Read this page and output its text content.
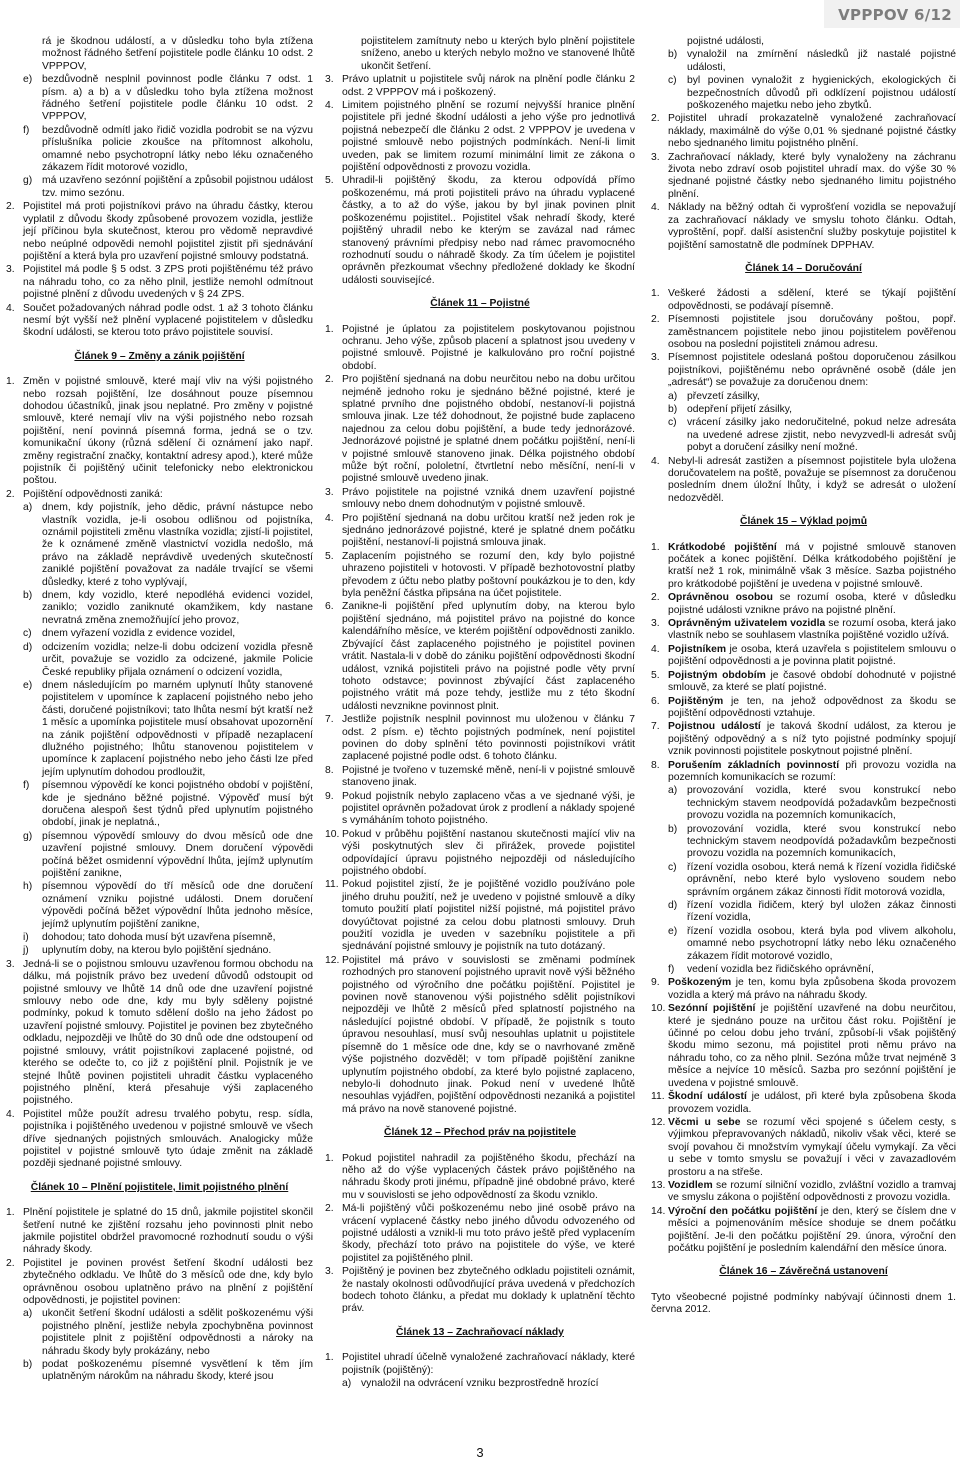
VPPPOV 6/12
rá je škodnou událostí, a v důsledku toho byla ztížena možnost řádného šetření pojistitele podle článku 10 odst. 2 VPPPOV,
e) bezdůvodně nesplnil povinnost podle článku 7 odst. 1 písm. a) a b) a v důsledku toho byla ztížena možnost řádného šetření pojistitele podle článku 10 odst. 2 VPPPOV,
f) bezdůvodně odmítl jako řidič vozidla podrobit se na výzvu příslušníka policie zkoušce na přítomnost alkoholu, omamné nebo psychotropní látky nebo léku označeného zákazem řídit motorové vozidlo,
g) má uzavřeno sezónní pojištění a způsobil pojistnou událost tzv. mimo sezónu.
2. Pojistitel má proti pojistníkovi právo na úhradu částky, kterou vyplatil z důvodu škody způsobené provozem vozidla, jestliže její příčinou byla skutečnost, kterou pro vědomě nepravdivé nebo neúplné odpovědi nemohl pojistitel zjistit při sjednávání pojištění a která byla pro uzavření pojistné smlouvy podstatná.
3. Pojistitel má podle § 5 odst. 3 ZPS proti pojištěnému též právo na náhradu toho, co za něho plnil, jestliže nemohl odmítnout pojistné plnění z důvodu uvedených v § 24 ZPS.
4. Součet požadovaných náhrad podle odst. 1 až 3 tohoto článku nesmí být vyšší než plnění vyplacené pojistitelem v důsledku škodní události, se kterou toto právo pojistitele souvisí.
Článek 9 – Změny a zánik pojištění
1. Změn v pojistné smlouvě, které mají vliv na výši pojistného nebo rozsah pojištění, lze dosáhnout pouze písemnou dohodou účastníků, jinak jsou neplatné. Pro změny v pojistné smlouvě, které nemají vliv na výši pojistného nebo rozsah pojištění, není povinná písemná forma, jedná se o tzv. komunikační úkony (různá sdělení či oznámení jako např. změny registrační značky, kontaktní adresy apod.), které může pojistník či pojištěný učinit telefonicky nebo elektronickou poštou.
2. Pojištění odpovědnosti zaniká:
a) dnem, kdy pojistník, jeho dědic, právní nástupce nebo vlastník vozidla, je-li osobou odlišnou od pojistníka, oznámil pojistiteli změnu vlastníka vozidla; zjistí-li pojistitel, že k oznámené změně vlastnictví vozidla nedošlo, má právo na základě neprávdivě uvedených skutečností zaniklé pojištění považovat za nadále trvající se všemi důsledky, které z toho vyplývají,
b) dnem, kdy vozidlo, které nepodléhá evidenci vozidel, zaniklo; vozidlo zaniknuté okamžikem, kdy nastane nevratná změna znemožňující jeho provoz,
c) dnem vyřazení vozidla z evidence vozidel,
d) odcizením vozidla; nelze-li dobu odcizení vozidla přesně určit, považuje se vozidlo za odcizené, jakmile Policie České republiky přijala oznámení o odcizení vozidla,
e) dnem následujícím po marném uplynutí lhůty stanovené pojistitelem v upomínce k zaplacení pojistného nebo jeho části, doručené pojistníkovi; tato lhůta nesmí být kratší než 1 měsíc a upomínka pojistitele musí obsahovat upozornění na zánik pojištění odpovědnosti v případě nezaplacení dlužného pojistného; lhůtu stanovenou pojistitelem v upomínce k zaplacení pojistného nebo jeho části lze před jejím uplynutím dohodou prodloužit,
f) písemnou výpovědí ke konci pojistného období v pojištění, kde je sjednáno běžné pojistné. Výpověď musí být doručena alespoň šest týdnů před uplynutím pojistného období, jinak je neplatná.,
g) písemnou výpovědí smlouvy do dvou měsíců ode dne uzavření pojistné smlouvy. Dnem doručení výpovědi počíná běžet osmidenní výpovědní lhůta, jejímž uplynutím pojištění zanikne,
h) písemnou výpovědí do tří měsíců ode dne doručení oznámení vzniku pojistné události. Dnem doručení výpovědi počíná běžet výpovědní lhůta jednoho měsíce, jejímž uplynutím pojištění zanikne,
i) dohodou; tato dohoda musí být uzavřena písemně,
j) uplynutím doby, na kterou bylo pojištění sjednáno.
3. Jedná-li se o pojistnou smlouvu uzavřenou formou obchodu na dálku, má pojistník právo bez uvedení důvodů odstoupit od pojistné smlouvy ve lhůtě 14 dnů ode dne uzavření pojistné smlouvy nebo ode dne, kdy mu byly sděleny pojistné podmínky, pokud k tomuto sdělení došlo na jeho žádost po uzavření pojistné smlouvy. Pojistitel je povinen bez zbytečného odkladu, nejpozději ve lhůtě do 30 dnů ode dne odstoupení od pojistné smlouvy, vrátit pojistníkovi zaplacené pojistné, od kterého se odečte to, co již z pojištění plnil. Pojistník je ve stejné lhůtě povinen pojistiteli uhradit částku vyplaceného pojistného plnění, která přesahuje výši zaplaceného pojistného.
4. Pojistitel může použít adresu trvalého pobytu, resp. sídla, pojistníka i pojištěného uvedenou v pojistné smlouvě ve všech dříve sjednaných pojistných smlouvách. Analogicky může pojistitel v pojistné smlouvě tyto údaje změnit na základě později sjednané pojistné smlouvy.
Článek 10 – Plnění pojistitele, limit pojistného plnění
1. Plnění pojistitele je splatné do 15 dnů, jakmile pojistitel skončil šetření nutné ke zjištění rozsahu jeho povinnosti plnit nebo jakmile pojistitel obdržel pravomocné rozhodnutí soudu o výši náhrady škody.
2. Pojistitel je povinen provést šetření škodní události bez zbytečného odkladu. Ve lhůtě do 3 měsíců ode dne, kdy bylo oprávněnou osobou uplatněno právo na plnění z pojištění odpovědnosti, je pojistitel povinen:
a) ukončit šetření škodní události a sdělit poškozenému výši pojistného plnění, jestliže nebyla zpochybněna povinnost pojistitele plnit z pojištění odpovědnosti a nároky na náhradu škody byly prokázány, nebo
b) podat poškozenému písemné vysvětlení k těm jím uplatněným nárokům na náhradu škody, které jsou
pojistitelem zamítnuty nebo u kterých bylo plnění pojistitele sníženo, anebo u kterých nebylo možno ve stanovené lhůtě ukončit šetření.
3. Právo uplatnit u pojistitele svůj nárok na plnění podle článku 2 odst. 2 VPPPOV má i poškozený.
4. Limitem pojistného plnění se rozumí nejvyšší hranice plnění pojistitele při jedné škodní události a jeho výše pro jednotlivá pojistná nebezpečí dle článku 2 odst. 2 VPPPOV je uvedena v pojistné smlouvě nebo pojistných podmínkách. Není-li limit uveden, pak se limitem rozumí minimální limit ze zákona o pojištění odpovědnosti z provozu vozidla.
5. Uhradil-li pojištěný škodu, za kterou odpovídá přímo poškozenému, má proti pojistiteli právo na úhradu vyplacené částky, a to až do výše, jakou by byl jinak povinen plnit poškozenému pojistitel.. Pojistitel však nehradí škody, které pojištěný uhradil nebo ke kterým se zavázal nad rámec stanovený právními předpisy nebo nad rámec pravomocného rozhodnutí soudu o náhradě škody. Za tím účelem je pojistitel oprávněn přezkoumat všechny předložené doklady ke škodní události souvisejícé.
Článek 11 – Pojistné
1. Pojistné je úplatou za pojistitelem poskytovanou pojistnou ochranu. Jeho výše, způsob placení a splatnost jsou uvedeny v pojistné smlouvě. Pojistné je kalkulováno pro roční pojistné období.
2. Pro pojištění sjednaná na dobu neurčitou nebo na dobu určitou nejméně jednoho roku je sjednáno běžné pojistné, které je splatné prvního dne pojistného období, nestanoví-li pojistná smlouva jinak. Lze též dohodnout, že pojistné bude zaplaceno najednou za celou dobu pojištění, a bude tedy jednorázové. Jednorázové pojistné je splatné dnem počátku pojištění, není-li v pojistné smlouvě stanoveno jinak. Délka pojistného období může být roční, pololetní, čtvrtletní nebo měsíční, není-li v pojistné smlouvě uvedeno jinak.
3. Právo pojistitele na pojistné vzniká dnem uzavření pojistné smlouvy nebo dnem dohodnutým v pojistné smlouvě.
4. Pro pojištění sjednaná na dobu určitou kratší než jeden rok je sjednáno jednorázové pojistné, které je splatné dnem počátku pojištění, nestanoví-li pojistná smlouva jinak.
5. Zaplacením pojistného se rozumí den, kdy bylo pojistné uhrazeno pojistiteli v hotovosti. V případě bezhotovostní platby převodem z účtu nebo platby poštovní poukázkou je to den, kdy byla peněžní částka připsána na účet pojistitele.
6. Zanikne-li pojištění před uplynutím doby, na kterou bylo pojištění sjednáno, má pojistitel právo na pojistné do konce kalendářního měsíce, ve kterém pojištění odpovědnosti zaniklo. Zbývající část zaplaceného pojistného je pojistitel povinen vrátit. Nastala-li v době do zániku pojištění odpovědnosti škodní událost, vzniká pojistiteli právo na pojistné podle věty první tohoto odstavce; povinnost zbývající část zaplaceného pojistného vrátit má poze tehdy, jestliže mu z této škodní události nevznikne povinnost plnit.
7. Jestliže pojistník nesplnil povinnost mu uloženou v článku 7 odst. 2 písm. e) těchto pojistných podmínek, není pojistitel povinen do doby splnění této povinnosti pojistníkovi vrátit zaplacené pojistné podle odst. 6 tohoto článku.
8. Pojistné je tvořeno v tuzemské měně, není-li v pojistné smlouvě stanoveno jinak.
9. Pokud pojistník nebylo zaplaceno včas a ve sjednané výši, je pojistitel oprávněn požadovat úrok z prodlení a náklady spojené s vymáháním tohoto pojistného.
10. Pokud v průběhu pojištění nastanou skutečnosti mající vliv na výši poskytnutých slev či přirážek, provede pojistitel odpovídající úpravu pojistného nejpozději od následujícího pojistného období.
11. Pokud pojistitel zjistí, že je pojištěné vozidlo používáno pole jiného druhu použití, než je uvedeno v pojistné smlouvě a díky tomuto použití platí pojistitel nižší pojistné, má pojistitel právo dovyúčtovat pojistné za celou dobu platnosti smlouvy. Druh použití vozidla je uveden v sazebníku pojistitele a při sjednávání pojistné smlouvy je pojistník na tuto dotázaný.
12. Pojistitel má právo v souvislosti se změnami podmínek rozhodných pro stanovení pojistného upravit nově výši běžného pojistného od výročního dne počátku pojištění. Pojistitel je povinen nově stanovenou výši pojistného sdělit pojistníkovi nejpozději ve lhůtě 2 měsíců před splatností pojistného na následující pojistné období. V případě, že pojistník s touto úpravou nesouhlasí, musí svůj nesouhlas uplatnit u pojistitele písemně do 1 měsíce ode dne, kdy se o navrhované změně výše pojistného dozvěděl; v tom případě pojištění zanikne uplynutím pojistného období, za které bylo pojistné zaplaceno, nebylo-li dohodnuto jinak. Pokud není v uvedené lhůtě nesouhlas vyjádřen, pojištění odpovědnosti nezaniká a pojistitel má právo na nově stanovené pojistné.
Článek 12 – Přechod práv na pojistitele
1. Pokud pojistitel nahradil za pojištěného škodu, přechází na něho až do výše vyplacených částek právo pojištěného na náhradu škody proti jinému, případně jiné obdobné právo, které mu v souvislosti se jeho odpovědností za škodu vzniklo.
2. Má-li pojištěný vůči poškozenému nebo jiné osobě právo na vrácení vyplacené částky nebo jiného důvodu odvozeného od pojistné události a vznikl-li mu toto právo ještě před vyplacením škody, přechází toto právo na pojistitele do výše, ve které pojistitel za pojištěného plnil.
3. Pojištěný je povinen bez zbytečného odkladu pojistiteli oznámit, že nastaly okolnosti odůvodňující práva uvedená v předchozích bodech tohoto článku, a předat mu doklady k uplatnění těchto práv.
Článek 13 – Zachraňovací náklady
1. Pojistitel uhradí účelně vynaložené zachraňovací náklady, které pojistník (pojištěný):
a) vynaložil na odvrácení vzniku bezprostředně hrozící
pojistné události,
b) vynaložil na zmírnění následků již nastalé pojistné události,
c) byl povinen vynaložit z hygienických, ekologických či bezpečnostních důvodů při odklízení pojistnou událostí poškozeného majetku nebo jeho zbytků.
2. Pojistitel uhradí prokazatelně vynaložené zachraňovací náklady, maximálně do výše 0,01 % sjednané pojistné částky nebo sjednaného limitu pojistného plnění.
3. Zachraňovací náklady, které byly vynaloženy na záchranu života nebo zdraví osob pojistitel uhradí max. do výše 30 % sjednané pojistné částky nebo sjednaného limitu pojistného plnění.
4. Náklady na běžný odtah či vyprošťení vozidla se nepovažují za zachraňovací náklady ve smyslu tohoto článku. Odtah, vyproštění, popř. další asistenční služby poskytuje pojistitel k pojištění samostatně dle podmínek DPPHAV.
Článek 14 – Doručování
1. Veškeré žádosti a sdělení, které se týkají pojištění odpovědnosti, se podávají písemně.
2. Písemnosti pojistitele jsou doručovány poštou, popř. zaměstnancem pojistitele nebo jinou pojistitelem pověřenou osobou na poslední pojistiteli známou adresu.
3. Písemnost pojistitele odeslaná poštou doporučenou zásilkou pojistníkovi, pojištěnému nebo oprávněné osobě (dále jen „adresát“) se považuje za doručenou dnem:
a) převzetí zásilky,
b) odepření přijetí zásilky,
c) vrácení zásilky jako nedoručitelné, pokud nelze adresáta na uvedené adrese zjistit, nebo nevyzvedl-li adresát svůj pobyt a doručení zásilky není možné.
4. Nebyl-li adresát zastižen a písemnost pojistitele byla uložena doručovatelem na poště, považuje se písemnost za doručenou posledním dnem úložní lhůty, i když se adresát o uložení nedozvěděl.
Článek 15 – Výklad pojmů
1. Krátkodobé pojištění má v pojistné smlouvě stanoven počátek a konec pojištění. Délka krátkodobého pojištění je kratší než 1 rok, minimálně však 3 měsíce. Sazba pojistného pro krátkodobé pojištění je uvedena v pojistné smlouvě.
2. Oprávněnou osobou se rozumí osoba, které v důsledku pojistné události vznikne právo na pojistné plnění.
3. Oprávněným uživatelem vozidla se rozumí osoba, která jako vlastník nebo se souhlasem vlastníka pojištěné vozidlo užívá.
4. Pojistníkem je osoba, která uzavřela s pojistitelem smlouvu o pojištění odpovědnosti a je povinna platit pojistné.
5. Pojistným obdobím je časové období dohodnuté v pojistné smlouvě, za které se platí pojistné.
6. Pojištěným je ten, na jehož odpovědnost za škodu se pojištění odpovědnosti vztahuje.
7. Pojistnou událostí je taková škodní událost, za kterou je pojištěný odpovědný a s níž tyto pojistné podmínky spojují vznik povinnosti pojistitele poskytnout pojistné plnění.
8. Porušením základních povinností při provozu vozidla na pozemních komunikacích se rozumí:
a) provozování vozidla, které svou konstrukcí nebo technickým stavem neodpovídá požadavkům bezpečnosti provozu vozidla na pozemních komunikacích,
b) provozování vozidla, které svou konstrukcí nebo technickým stavem neodpovídá požadavkům bezpečnosti provozu vozidla na pozemních komunikacích,
c) řízení vozidla osobou, která nemá k řízení vozidla řidičské oprávnění, nebo které bylo vysloveno soudem nebo správním orgánem zákaz činnosti řídit motorová vozidla,
d) řízení vozidla řidičem, který byl uložen zákaz činnosti řízení vozidla,
e) řízení vozidla osobou, která byla pod vlivem alkoholu, omamné nebo psychotropní látky nebo léku označeného zákazem řídit motorové vozidlo,
f) vedení vozidla bez řidičského oprávnění,
9. Poškozeným je ten, komu byla způsobena škoda provozem vozidla a který má právo na náhradu škody.
10. Sezónní pojištění je pojištění uzavřené na dobu neurčitou, které je sjednáno pouze na určitou část roku. Pojištění je účinné po celou dobu jeho trvání, způsobí-li však pojištěný škodu mimo sezonu, má pojistitel proti němu právo na náhradu toho, co za něho plnil. Sezóna může trvat nejméně 3 měsíce a nejvíce 10 měsíců. Sazba pro sezónní pojištění je uvedena v pojistné smlouvě.
11. Škodní událostí je událost, při které byla způsobena škoda provozem vozidla.
12. Věcmi u sebe se rozumí věci spojené s účelem cesty, s výjimkou přepravovaných nákladů, nikoliv však věci, které se svojí povahou či množstvím vymykají účelu vymykají. Za věci u sebe v tomto smyslu se považují i věci v zavazadlovém prostoru a na střeše.
13. Vozidlem se rozumí silniční vozidlo, zvláštní vozidlo a tramvaj ve smyslu zákona o pojištění odpovědnosti z provozu vozidla.
14. Výroční den počátku pojištění je den, který se číslem dne v měsíci a pojmenováním měsíce shoduje se dnem počátku pojištění. Je-li den počátku pojištění 29. února, výroční den počátku pojištění je posledním kalendářní den měsíce února.
Článek 16 – Závěrečná ustanovení
Tyto všeobecné pojistné podmínky nabývají účinnosti dnem 1. června 2012.
3
